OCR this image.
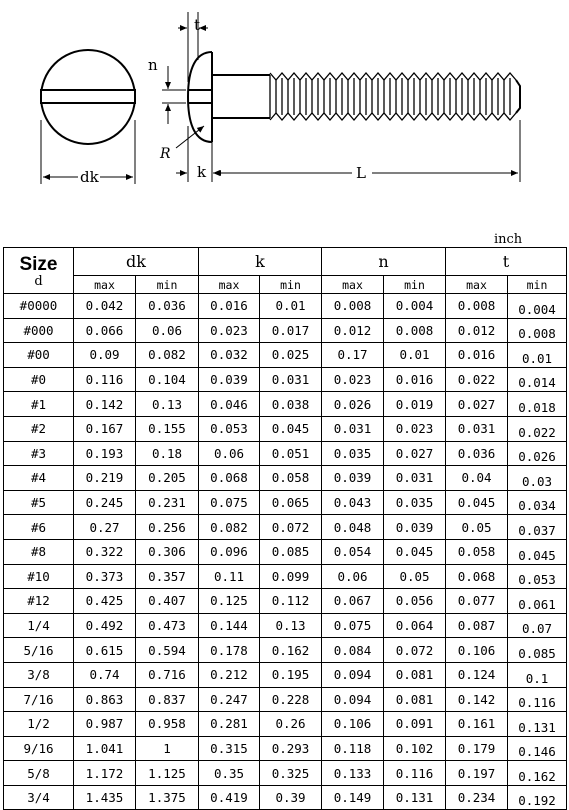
dk
t
n
R
k	L
inch
Size
d	dk		k		n		t	
	max	min	max	min	max	min	max	min
#0000	0.042	0.036	0.016	0.01	0.008	0.004	0.008	0.004
#000	0.066	0.06	0.023	0.017	0.012	0.008	0.012	0.008
#00	0.09	0.082	0.032	0.025	0.17	0.01	0.016	0.01
#0	0.116	0.104	0.039	0.031	0.023	0.016	0.022	0.014
#1	0.142	0.13	0.046	0.038	0.026	0.019	0.027	0.018
#2	0.167	0.155	0.053	0.045	0.031	0.023	0.031	0.022
#3	0.193	0.18	0.06	0.051	0.035	0.027	0.036	0.026
#4	0.219	0.205	0.068	0.058	0.039	0.031	0.04	0.03
#5	0.245	0.231	0.075	0.065	0.043	0.035	0.045	0.034
#6	0.27	0.256	0.082	0.072	0.048	0.039	0.05	0.037
#8	0.322	0.306	0.096	0.085	0.054	0.045	0.058	0.045
#10	0.373	0.357	0.11	0.099	0.06	0.05	0.068	0.053
#12	0.425	0.407	0.125	0.112	0.067	0.056	0.077	0.061
1/4	0.492	0.473	0.144	0.13	0.075	0.064	0.087	0.07
5/16	0.615	0.594	0.178	0.162	0.084	0.072	0.106	0.085
3/8	0.74	0.716	0.212	0.195	0.094	0.081	0.124	0.1
7/16	0.863	0.837	0.247	0.228	0.094	0.081	0.142	0.116
1/2	0.987	0.958	0.281	0.26	0.106	0.091	0.161	0.131
9/16	1.041	1	0.315	0.293	0.118	0.102	0.179	0.146
5/8	1.172	1.125	0.35	0.325	0.133	0.116	0.197	0.162
3/4	1.435	1.375	0.419	0.39	0.149	0.131	0.234	0.192
